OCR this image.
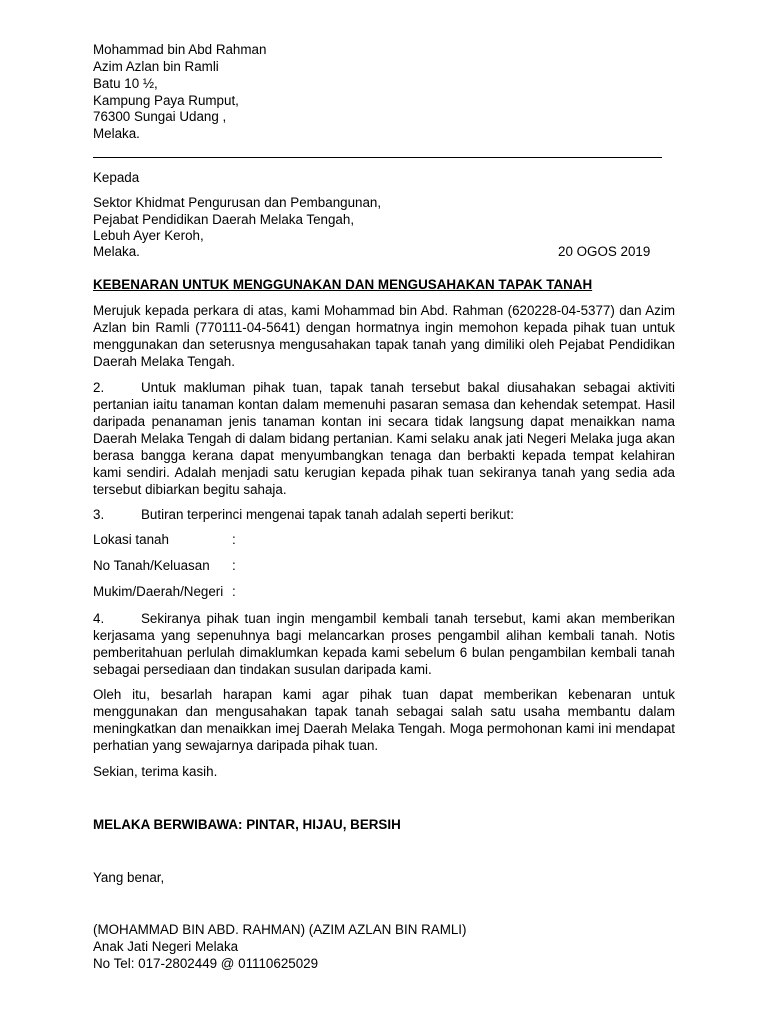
Mohammad bin Abd Rahman
Azim Azlan bin Ramli
Batu 10 ½,
Kampung Paya Rumput,
76300 Sungai Udang ,
Melaka.
Kepada
Sektor Khidmat Pengurusan dan Pembangunan,
Pejabat Pendidikan Daerah Melaka Tengah,
Lebuh Ayer Keroh,
Melaka.	20 OGOS 2019
KEBENARAN UNTUK MENGGUNAKAN DAN MENGUSAHAKAN TAPAK TANAH

Merujuk kepada perkara di atas, kami Mohammad bin Abd. Rahman (620228-04-5377) dan Azim Azlan bin Ramli (770111-04-5641) dengan hormatnya ingin memohon kepada pihak tuan untuk menggunakan dan seterusnya mengusahakan tapak tanah yang dimiliki oleh Pejabat Pendidikan Daerah Melaka Tengah.

2.	Untuk makluman pihak tuan, tapak tanah tersebut bakal diusahakan sebagai aktiviti pertanian iaitu tanaman kontan dalam memenuhi pasaran semasa dan kehendak setempat. Hasil daripada penanaman jenis tanaman kontan ini secara tidak langsung dapat menaikkan nama Daerah Melaka Tengah di dalam bidang pertanian. Kami selaku anak jati Negeri Melaka juga akan berasa bangga kerana dapat menyumbangkan tenaga dan berbakti kepada tempat kelahiran kami sendiri. Adalah menjadi satu kerugian kepada pihak tuan sekiranya tanah yang sedia ada tersebut dibiarkan begitu sahaja.

3.	Butiran terperinci mengenai tapak tanah adalah seperti berikut:

Lokasi tanah	:
No Tanah/Keluasan :
Mukim/Daerah/Negeri :

4.	Sekiranya pihak tuan ingin mengambil kembali tanah tersebut, kami akan memberikan kerjasama yang sepenuhnya bagi melancarkan proses pengambil alihan kembali tanah. Notis pemberitahuan perlulah dimaklumkan kepada kami sebelum 6 bulan pengambilan kembali tanah sebagai persediaan dan tindakan susulan daripada kami.

Oleh itu, besarlah harapan kami agar pihak tuan dapat memberikan kebenaran untuk menggunakan dan mengusahakan tapak tanah sebagai salah satu usaha membantu dalam meningkatkan dan menaikkan imej Daerah Melaka Tengah. Moga permohonan kami ini mendapat perhatian yang sewajarnya daripada pihak tuan.

Sekian, terima kasih.
MELAKA BERWIBAWA: PINTAR, HIJAU, BERSIH
Yang benar,
(MOHAMMAD BIN ABD. RAHMAN) (AZIM AZLAN BIN RAMLI)
Anak Jati Negeri Melaka
No Tel: 017-2802449 @ 01110625029
